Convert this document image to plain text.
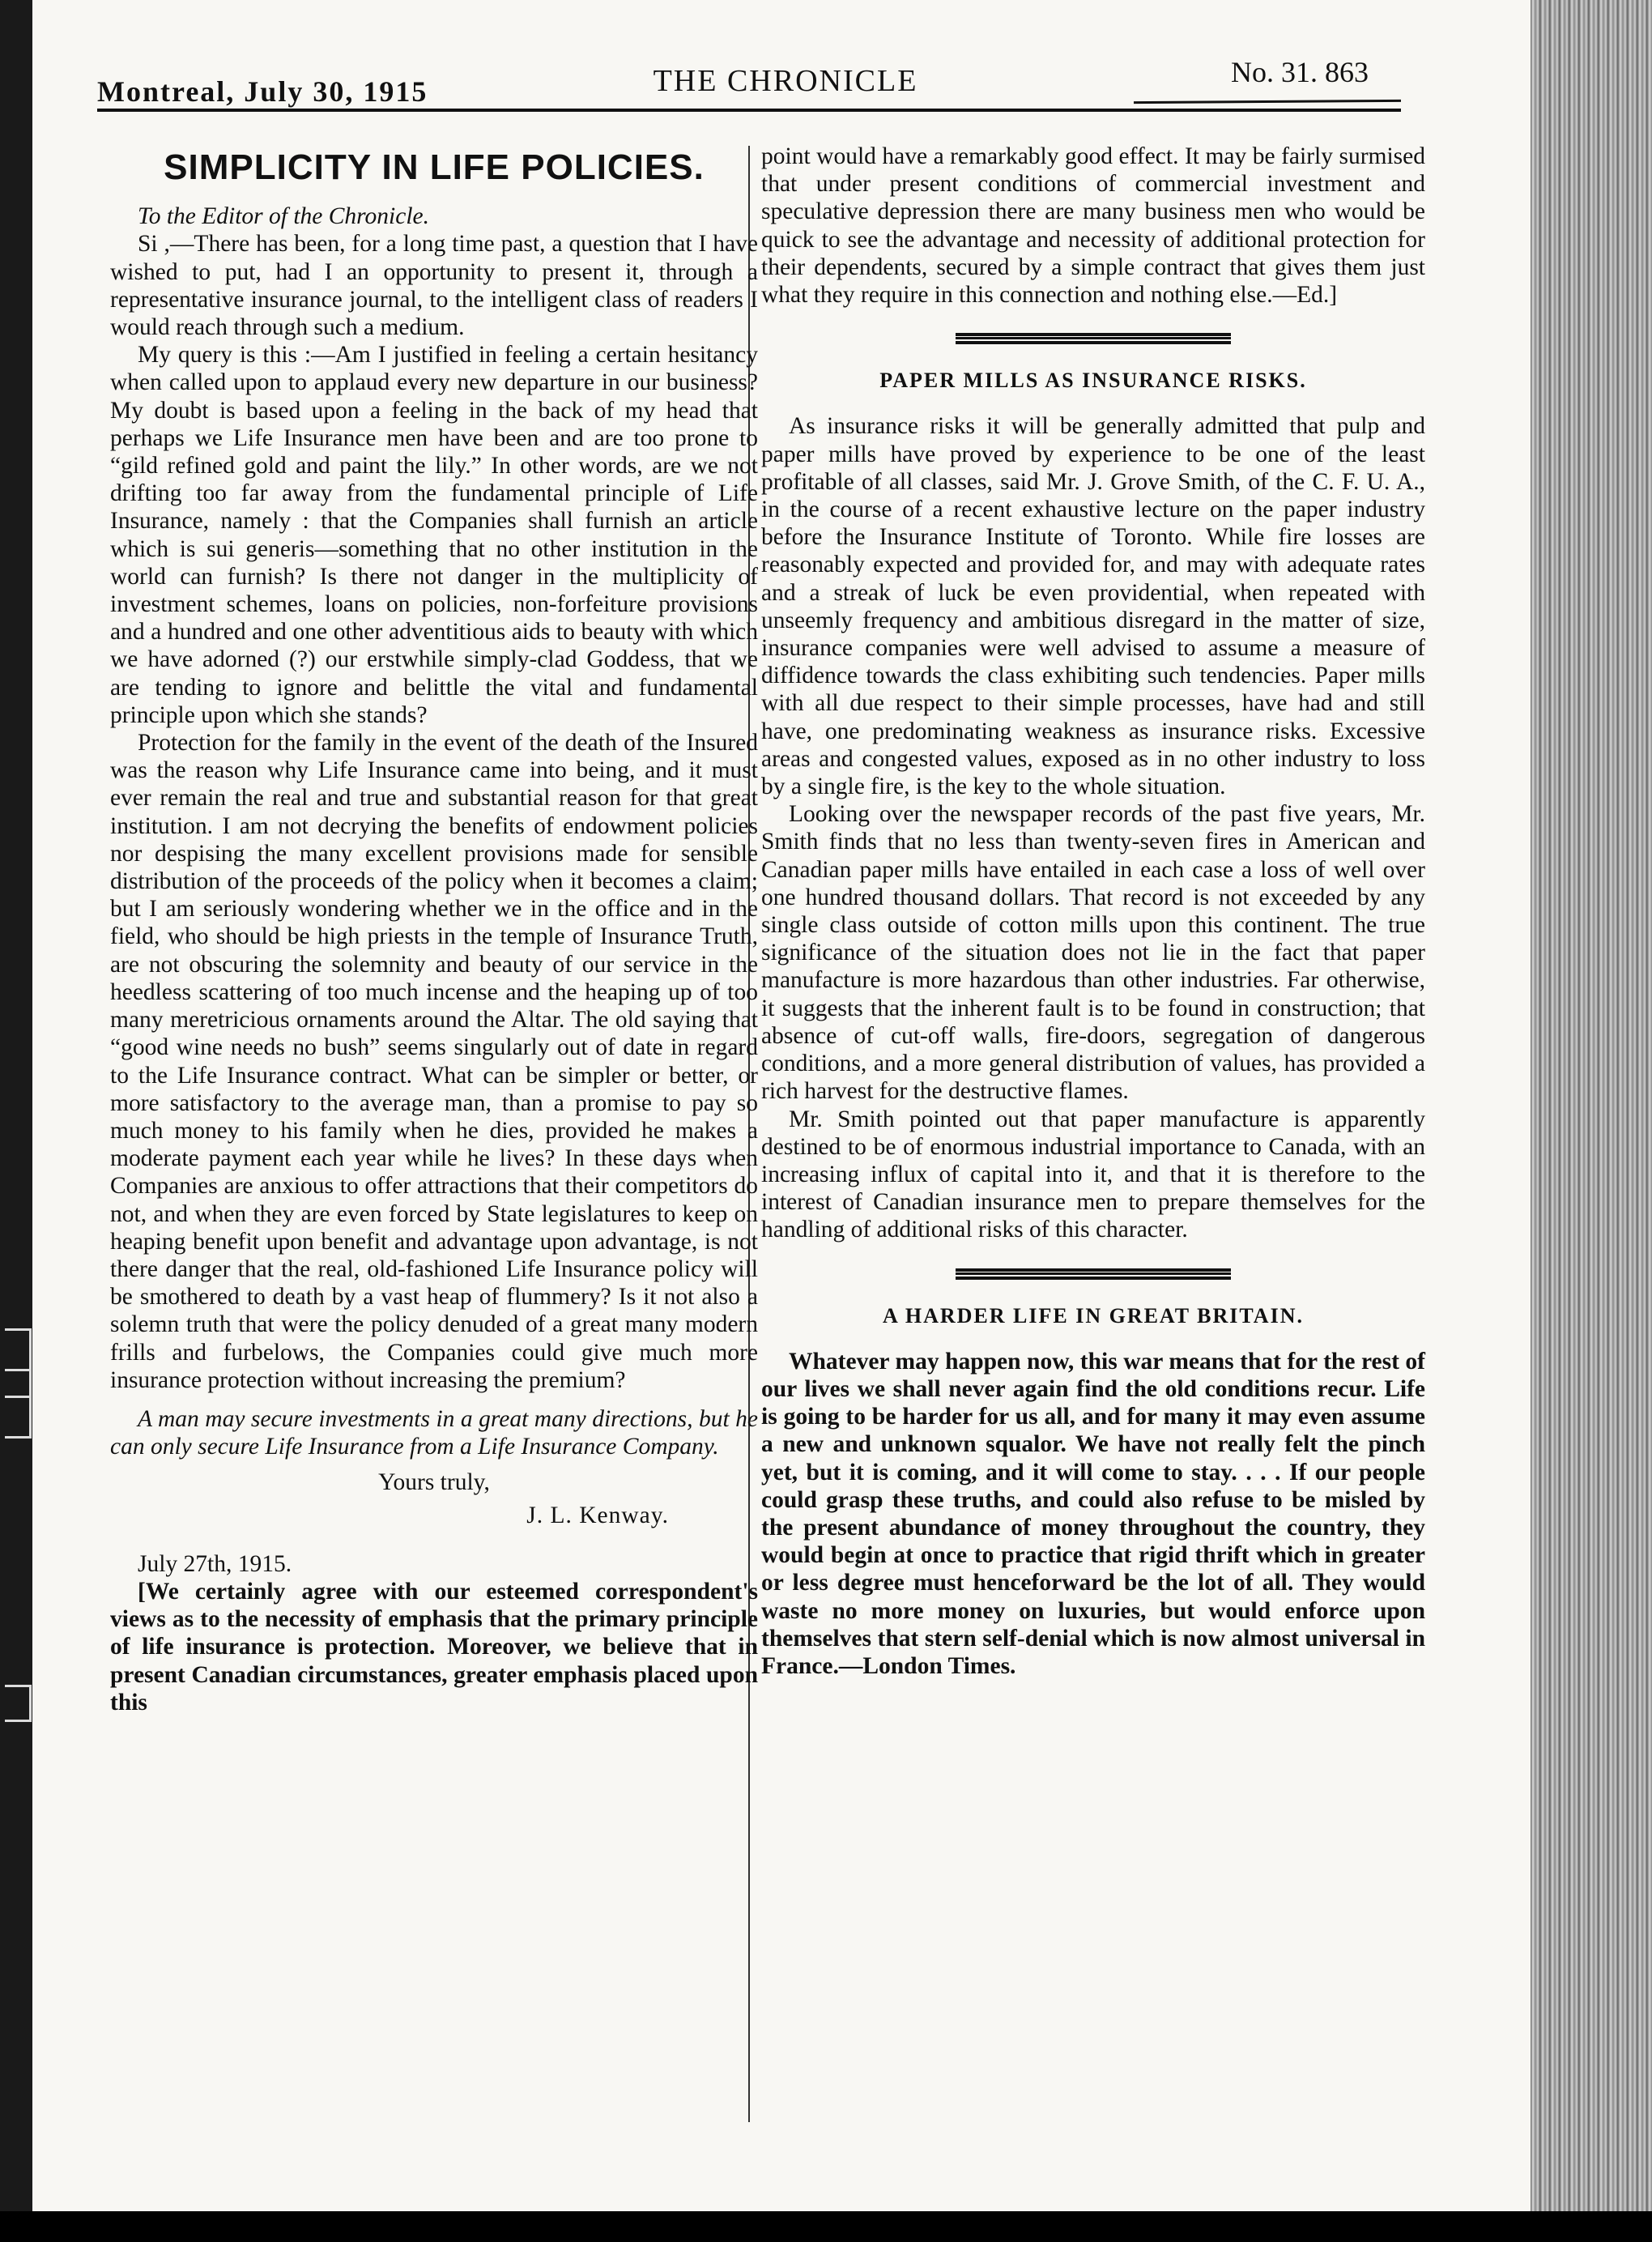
Montreal, July 30, 1915	THE CHRONICLE	No. 31. 863
SIMPLICITY IN LIFE POLICIES.

To the Editor of the Chronicle.

Si ,—There has been, for a long time past, a question that I have wished to put, had I an opportunity to present it, through a representative insurance journal, to the intelligent class of readers I would reach through such a medium.

My query is this :—Am I justified in feeling a certain hesitancy when called upon to applaud every new departure in our business? My doubt is based upon a feeling in the back of my head that perhaps we Life Insurance men have been and are too prone to “gild refined gold and paint the lily.” In other words, are we not drifting too far away from the fundamental principle of Life Insurance, namely : that the Companies shall furnish an article which is sui generis—something that no other institution in the world can furnish? Is there not danger in the multiplicity of investment schemes, loans on policies, non-forfeiture provisions and a hundred and one other adventitious aids to beauty with which we have adorned (?) our erstwhile simply-clad Goddess, that we are tending to ignore and belittle the vital and fundamental principle upon which she stands?

Protection for the family in the event of the death of the Insured was the reason why Life Insurance came into being, and it must ever remain the real and true and substantial reason for that great institution. I am not decrying the benefits of endowment policies nor despising the many excellent provisions made for sensible distribution of the proceeds of the policy when it becomes a claim; but I am seriously wondering whether we in the office and in the field, who should be high priests in the temple of Insurance Truth, are not obscuring the solemnity and beauty of our service in the heedless scattering of too much incense and the heaping up of too many meretricious ornaments around the Altar. The old saying that “good wine needs no bush” seems singularly out of date in regard to the Life Insurance contract. What can be simpler or better, or more satisfactory to the average man, than a promise to pay so much money to his family when he dies, provided he makes a moderate payment each year while he lives? In these days when Companies are anxious to offer attractions that their competitors do not, and when they are even forced by State legislatures to keep on heaping benefit upon benefit and advantage upon advantage, is not there danger that the real, old-fashioned Life Insurance policy will be smothered to death by a vast heap of flummery? Is it not also a solemn truth that were the policy denuded of a great many modern frills and furbelows, the Companies could give much more insurance protection without increasing the premium?

A man may secure investments in a great many directions, but he can only secure Life Insurance from a Life Insurance Company.

Yours truly,
J. L. Kenway.

July 27th, 1915.

[We certainly agree with our esteemed correspondent's views as to the necessity of emphasis that the primary principle of life insurance is protection. Moreover, we believe that in present Canadian circumstances, greater emphasis placed upon this

point would have a remarkably good effect. It may be fairly surmised that under present conditions of commercial investment and speculative depression there are many business men who would be quick to see the advantage and necessity of additional protection for their dependents, secured by a simple contract that gives them just what they require in this connection and nothing else.—Ed.]

PAPER MILLS AS INSURANCE RISKS.

As insurance risks it will be generally admitted that pulp and paper mills have proved by experience to be one of the least profitable of all classes, said Mr. J. Grove Smith, of the C. F. U. A., in the course of a recent exhaustive lecture on the paper industry before the Insurance Institute of Toronto. While fire losses are reasonably expected and provided for, and may with adequate rates and a streak of luck be even providential, when repeated with unseemly frequency and ambitious disregard in the matter of size, insurance companies were well advised to assume a measure of diffidence towards the class exhibiting such tendencies. Paper mills with all due respect to their simple processes, have had and still have, one predominating weakness as insurance risks. Excessive areas and congested values, exposed as in no other industry to loss by a single fire, is the key to the whole situation.

Looking over the newspaper records of the past five years, Mr. Smith finds that no less than twenty-seven fires in American and Canadian paper mills have entailed in each case a loss of well over one hundred thousand dollars. That record is not exceeded by any single class outside of cotton mills upon this continent. The true significance of the situation does not lie in the fact that paper manufacture is more hazardous than other industries. Far otherwise, it suggests that the inherent fault is to be found in construction; that absence of cut-off walls, fire-doors, segregation of dangerous conditions, and a more general distribution of values, has provided a rich harvest for the destructive flames.

Mr. Smith pointed out that paper manufacture is apparently destined to be of enormous industrial importance to Canada, with an increasing influx of capital into it, and that it is therefore to the interest of Canadian insurance men to prepare themselves for the handling of additional risks of this character.

A HARDER LIFE IN GREAT BRITAIN.

Whatever may happen now, this war means that for the rest of our lives we shall never again find the old conditions recur. Life is going to be harder for us all, and for many it may even assume a new and unknown squalor. We have not really felt the pinch yet, but it is coming, and it will come to stay. . . . If our people could grasp these truths, and could also refuse to be misled by the present abundance of money throughout the country, they would begin at once to practice that rigid thrift which in greater or less degree must henceforward be the lot of all. They would waste no more money on luxuries, but would enforce upon themselves that stern self-denial which is now almost universal in France.—London Times.
